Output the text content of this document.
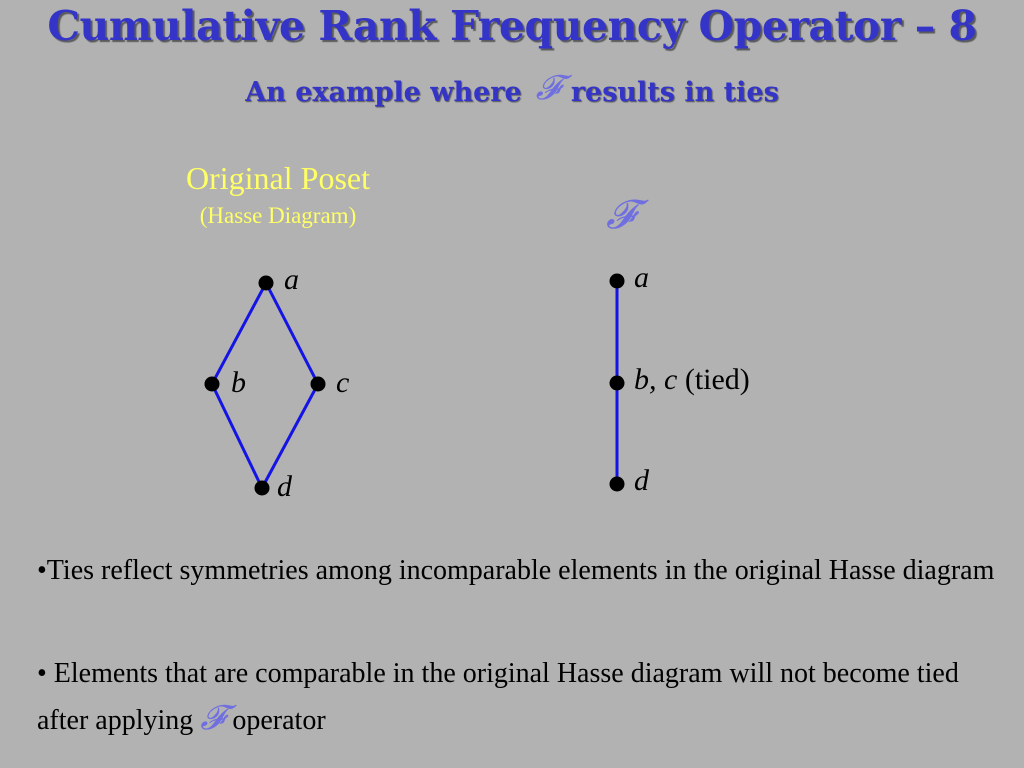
Cumulative Rank Frequency Operator – 8
An example where 𝓕 results in ties
Original Poset
(Hasse Diagram)	𝓕
a
b	c
d
a
b, c (tied)
d
•Ties reflect symmetries among incomparable elements in the original Hasse diagram
• Elements that are comparable in the original Hasse diagram will not become tied after applying 𝓕 operator
